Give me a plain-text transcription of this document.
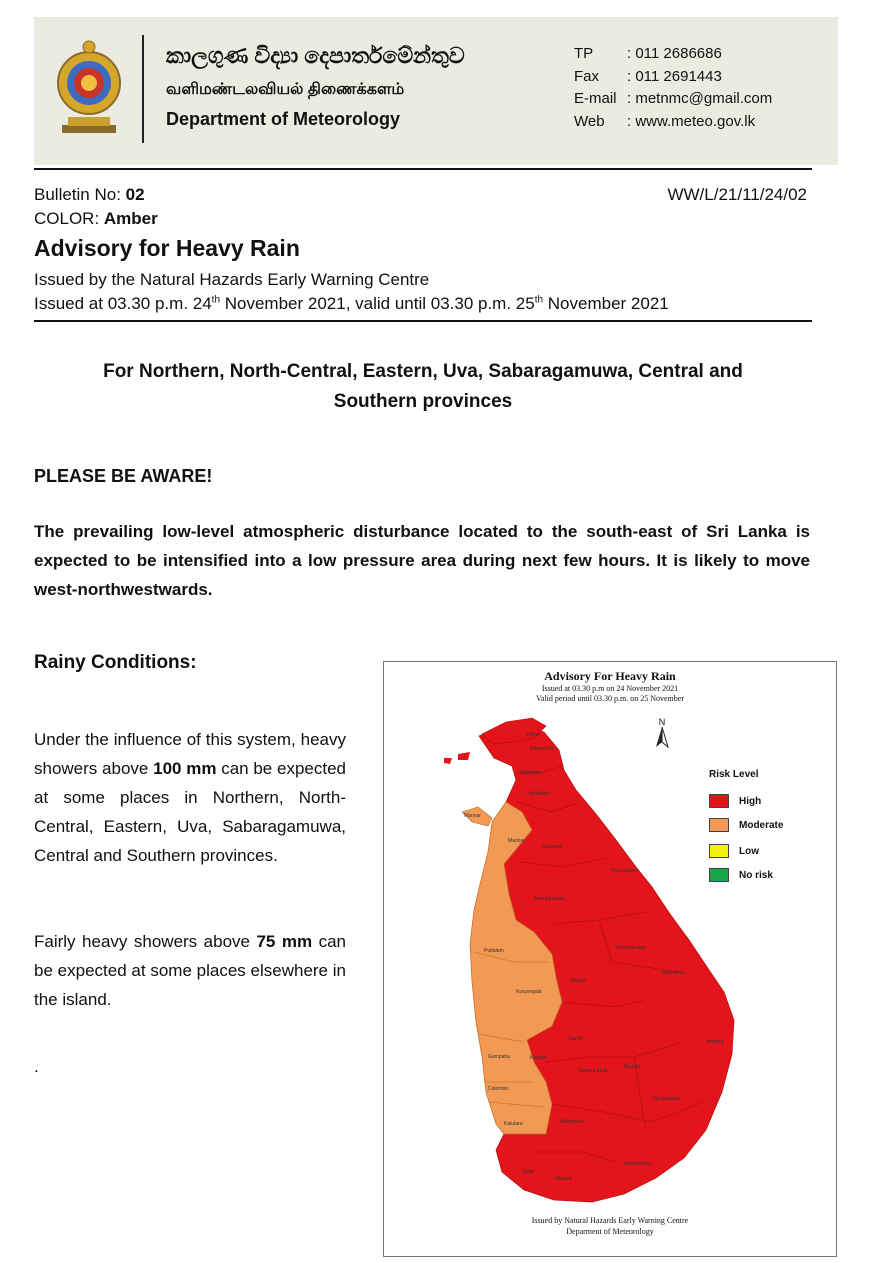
කාලගුණ විද්‍යා දෙපාර්තමේන්තුව
வளிமண்டலவியல் திணைக்களம்
Department of Meteorology
TP	: 011 2686686
Fax	: 011 2691443
E-mail : metnmc@gmail.com
Web	: www.meteo.gov.lk
Bulletin No: 02	WW/L/21/11/24/02
COLOR: Amber
Advisory for Heavy Rain
Issued by the Natural Hazards Early Warning Centre
Issued at 03.30 p.m. 24th November 2021, valid until 03.30 p.m. 25th November 2021
For Northern, North-Central, Eastern, Uva, Sabaragamuwa, Central and
Southern provinces
PLEASE BE AWARE!
The prevailing low-level atmospheric disturbance located to the south-east of Sri Lanka is expected to be intensified into a low pressure area during next few hours. It is likely to move west-northwestwards.
Rainy Conditions:
Under the influence of this system, heavy showers above 100 mm can be expected at some places in Northern, North-Central, Eastern, Uva, Sabaragamuwa, Central and Southern provinces.
Fairly heavy showers above 75 mm can be expected at some places elsewhere in the island.
.
Advisory For Heavy Rain
Issued at 03.30 p.m on 24 November 2021
Valid period until 03.30 p.m. on 25 November
N
Risk Level
High
Moderate
Low
No risk
Jaffna
Kilinochchi
Mullaitivu
Mullaitivu
Mannar
Mannar
Vavuniya
Trincomalee
Anuradhapura
Polonnaruwa
Batticaloa
Puttalam
Kurunegala
Matale
Kandy	Ampara
Gampaha	Kegalle
Nuwara Eliya
Badulla
Colombo
Monaragala
Ratnapura
Kalutara
Galle
Matara
Hambantota
Issued by Natural Hazards Early Warning Centre
Deparment of Meteorology
